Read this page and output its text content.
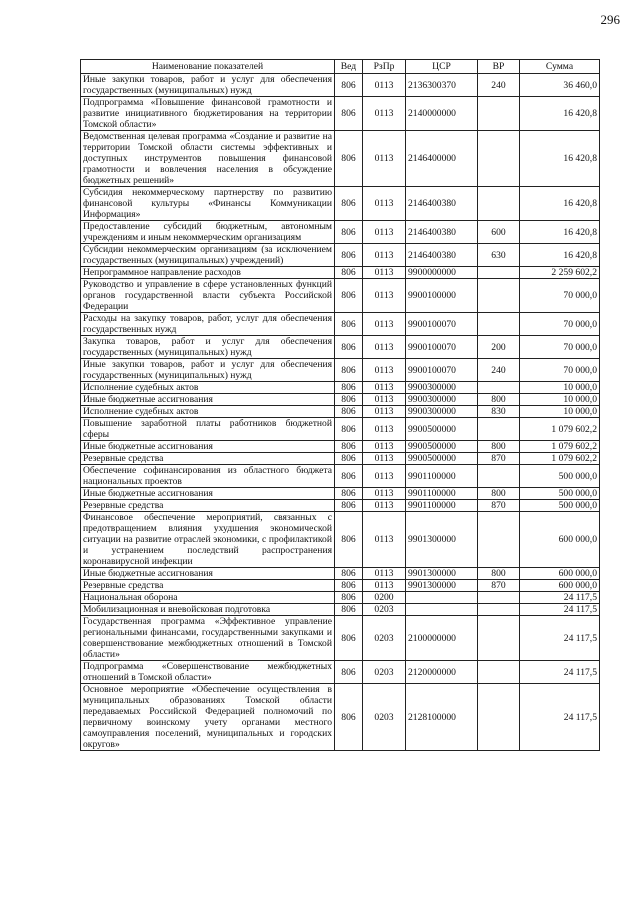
296
Наименование показателей	Вед	РзПр	ЦСР	ВР	Сумма
Иные закупки товаров, работ и услуг для обеспечения государственных (муниципальных) нужд	806	0113	2136300370	240	36 460,0
Подпрограмма «Повышение финансовой грамотности и развитие инициативного бюджетирования на территории Томской области»	806	0113	2140000000		16 420,8
Ведомственная целевая программа «Создание и развитие на территории Томской области системы эффективных и доступных инструментов повышения финансовой грамотности и вовлечения населения в обсуждение бюджетных решений»	806	0113	2146400000		16 420,8
Субсидия некоммерческому партнерству по развитию финансовой культуры «Финансы Коммуникации Информация»	806	0113	2146400380		16 420,8
Предоставление субсидий бюджетным, автономным учреждениям и иным некоммерческим организациям	806	0113	2146400380	600	16 420,8
Субсидии некоммерческим организациям (за исключением государственных (муниципальных) учреждений)	806	0113	2146400380	630	16 420,8
Непрограммное направление расходов	806	0113	9900000000		2 259 602,2
Руководство и управление в сфере установленных функций органов государственной власти субъекта Российской Федерации	806	0113	9900100000		70 000,0
Расходы на закупку товаров, работ, услуг для обеспечения государственных нужд	806	0113	9900100070		70 000,0
Закупка товаров, работ и услуг для обеспечения государственных (муниципальных) нужд	806	0113	9900100070	200	70 000,0
Иные закупки товаров, работ и услуг для обеспечения государственных (муниципальных) нужд	806	0113	9900100070	240	70 000,0
Исполнение судебных актов	806	0113	9900300000		10 000,0
Иные бюджетные ассигнования	806	0113	9900300000	800	10 000,0
Исполнение судебных актов	806	0113	9900300000	830	10 000,0
Повышение заработной платы работников бюджетной сферы	806	0113	9900500000		1 079 602,2
Иные бюджетные ассигнования	806	0113	9900500000	800	1 079 602,2
Резервные средства	806	0113	9900500000	870	1 079 602,2
Обеспечение софинансирования из областного бюджета национальных проектов	806	0113	9901100000		500 000,0
Иные бюджетные ассигнования	806	0113	9901100000	800	500 000,0
Резервные средства	806	0113	9901100000	870	500 000,0
Финансовое обеспечение мероприятий, связанных с предотвращением влияния ухудшения экономической ситуации на развитие отраслей экономики, с профилактикой и устранением последствий распространения коронавирусной инфекции	806	0113	9901300000		600 000,0
Иные бюджетные ассигнования	806	0113	9901300000	800	600 000,0
Резервные средства	806	0113	9901300000	870	600 000,0
Национальная оборона	806	0200			24 117,5
Мобилизационная и вневойсковая подготовка	806	0203			24 117,5
Государственная программа «Эффективное управление региональными финансами, государственными закупками и совершенствование межбюджетных отношений в Томской области»	806	0203	2100000000		24 117,5
Подпрограмма «Совершенствование межбюджетных отношений в Томской области»	806	0203	2120000000		24 117,5
Основное мероприятие «Обеспечение осуществления в муниципальных образованиях Томской области передаваемых Российской Федерацией полномочий по первичному воинскому учету органами местного самоуправления поселений, муниципальных и городских округов»	806	0203	2128100000		24 117,5
